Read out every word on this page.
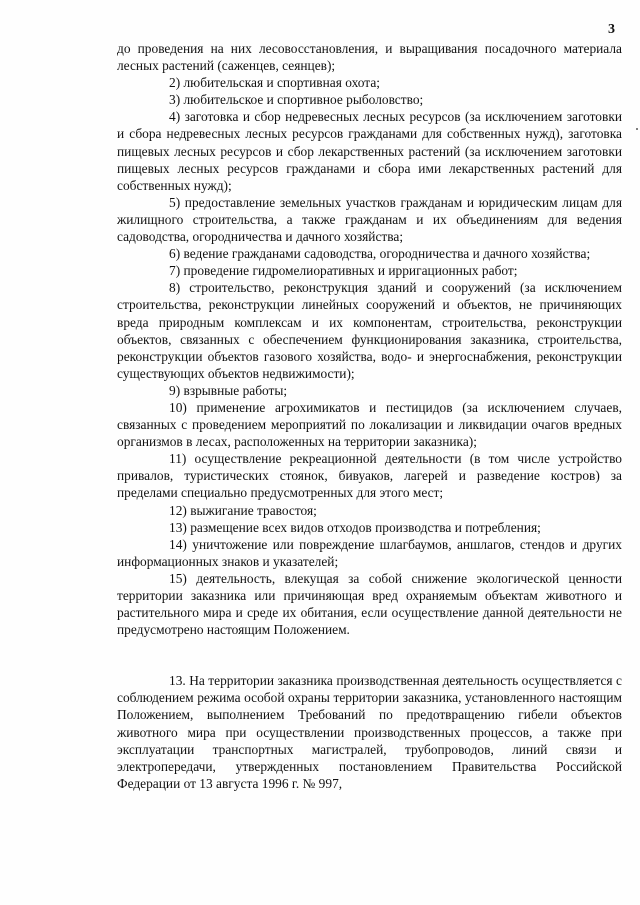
3

до проведения на них лесовосстановления, и выращивания посадочного материала лесных растений (саженцев, сеянцев);

2) любительская и спортивная охота;

3) любительское и спортивное рыболовство;

4) заготовка и сбор недревесных лесных ресурсов (за исключением заготовки и сбора недревесных лесных ресурсов гражданами для собственных нужд), заготовка пищевых лесных ресурсов и сбор лекарственных растений (за исключением заготовки пищевых лесных ресурсов гражданами и сбора ими лекарственных растений для собственных нужд);

5) предоставление земельных участков гражданам и юридическим лицам для жилищного строительства, а также гражданам и их объединениям для ведения садоводства, огородничества и дачного хозяйства;

6) ведение гражданами садоводства, огородничества и дачного хозяйства;

7) проведение гидромелиоративных и ирригационных работ;

8) строительство, реконструкция зданий и сооружений (за исключением строительства, реконструкции линейных сооружений и объектов, не причиняющих вреда природным комплексам и их компонентам, строительства, реконструкции объектов, связанных с обеспечением функционирования заказника, строительства, реконструкции объектов газового хозяйства, водо- и энергоснабжения, реконструкции существующих объектов недвижимости);

9) взрывные работы;

10) применение агрохимикатов и пестицидов (за исключением случаев, связанных с проведением мероприятий по локализации и ликвидации очагов вредных организмов в лесах, расположенных на территории заказника);

11) осуществление рекреационной деятельности (в том числе устройство привалов, туристических стоянок, бивуаков, лагерей и разведение костров) за пределами специально предусмотренных для этого мест;

12) выжигание травостоя;

13) размещение всех видов отходов производства и потребления;

14) уничтожение или повреждение шлагбаумов, аншлагов, стендов и других информационных знаков и указателей;

15) деятельность, влекущая за собой снижение экологической ценности территории заказника или причиняющая вред охраняемым объектам животного и растительного мира и среде их обитания, если осуществление данной деятельности не предусмотрено настоящим Положением.

13. На территории заказника производственная деятельность осуществляется с соблюдением режима особой охраны территории заказника, установленного настоящим Положением, выполнением Требований по предотвращению гибели объектов животного мира при осуществлении производственных процессов, а также при эксплуатации транспортных магистралей, трубопроводов, линий связи и электропередачи, утвержденных постановлением Правительства Российской Федерации от 13 августа 1996 г. № 997,
